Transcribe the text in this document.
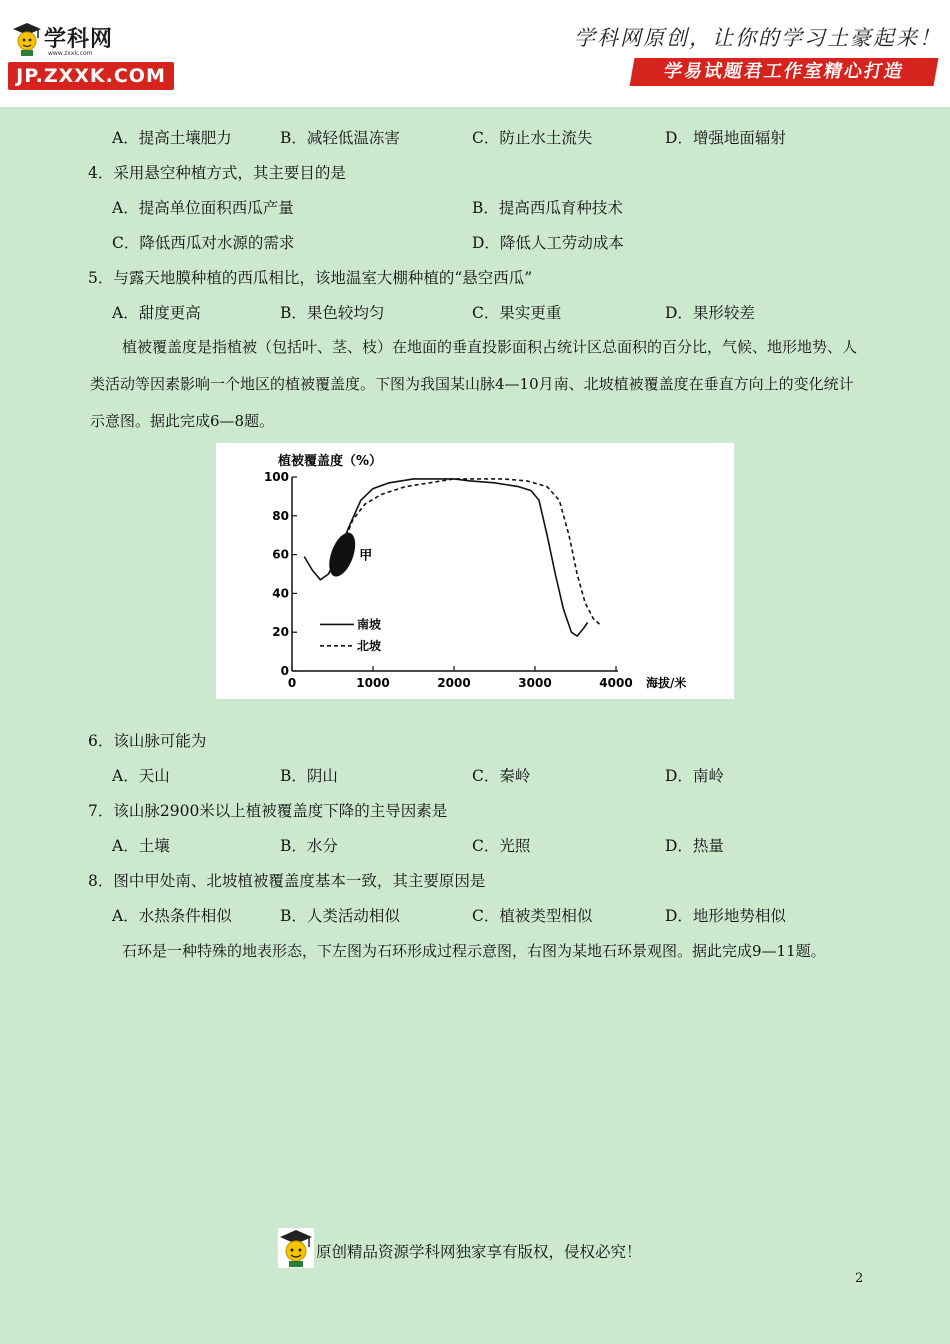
学科网
www.zxxk.com
JP.ZXXK.COM
学科网原创，让你的学习土豪起来！
学易试题君工作室精心打造
A．提高土壤肥力	B．减轻低温冻害	C．防止水土流失	D．增强地面辐射
4．采用悬空种植方式，其主要目的是
A．提高单位面积西瓜产量	B．提高西瓜育种技术
C．降低西瓜对水源的需求	D．降低人工劳动成本
5．与露天地膜种植的西瓜相比，该地温室大棚种植的“悬空西瓜”
A．甜度更高	B．果色较均匀	C．果实更重	D．果形较差
植被覆盖度是指植被（包括叶、茎、枝）在地面的垂直投影面积占统计区总面积的百分比，气候、地形地势、人类活动等因素影响一个地区的植被覆盖度。下图为我国某山脉4—10月南、北坡植被覆盖度在垂直方向上的变化统计示意图。据此完成6—8题。
植被覆盖度（%）
0
20
40
60
80
100
0	1000	2000	3000	4000 海拔/米
甲
南坡
北坡
6．该山脉可能为
A．天山	B．阴山	C．秦岭	D．南岭
7．该山脉2900米以上植被覆盖度下降的主导因素是
A．土壤	B．水分	C．光照	D．热量
8．图中甲处南、北坡植被覆盖度基本一致，其主要原因是
A．水热条件相似	B．人类活动相似	C．植被类型相似	D．地形地势相似
石环是一种特殊的地表形态，下左图为石环形成过程示意图，右图为某地石环景观图。据此完成9—11题。
原创精品资源学科网独家享有版权，侵权必究！
2
